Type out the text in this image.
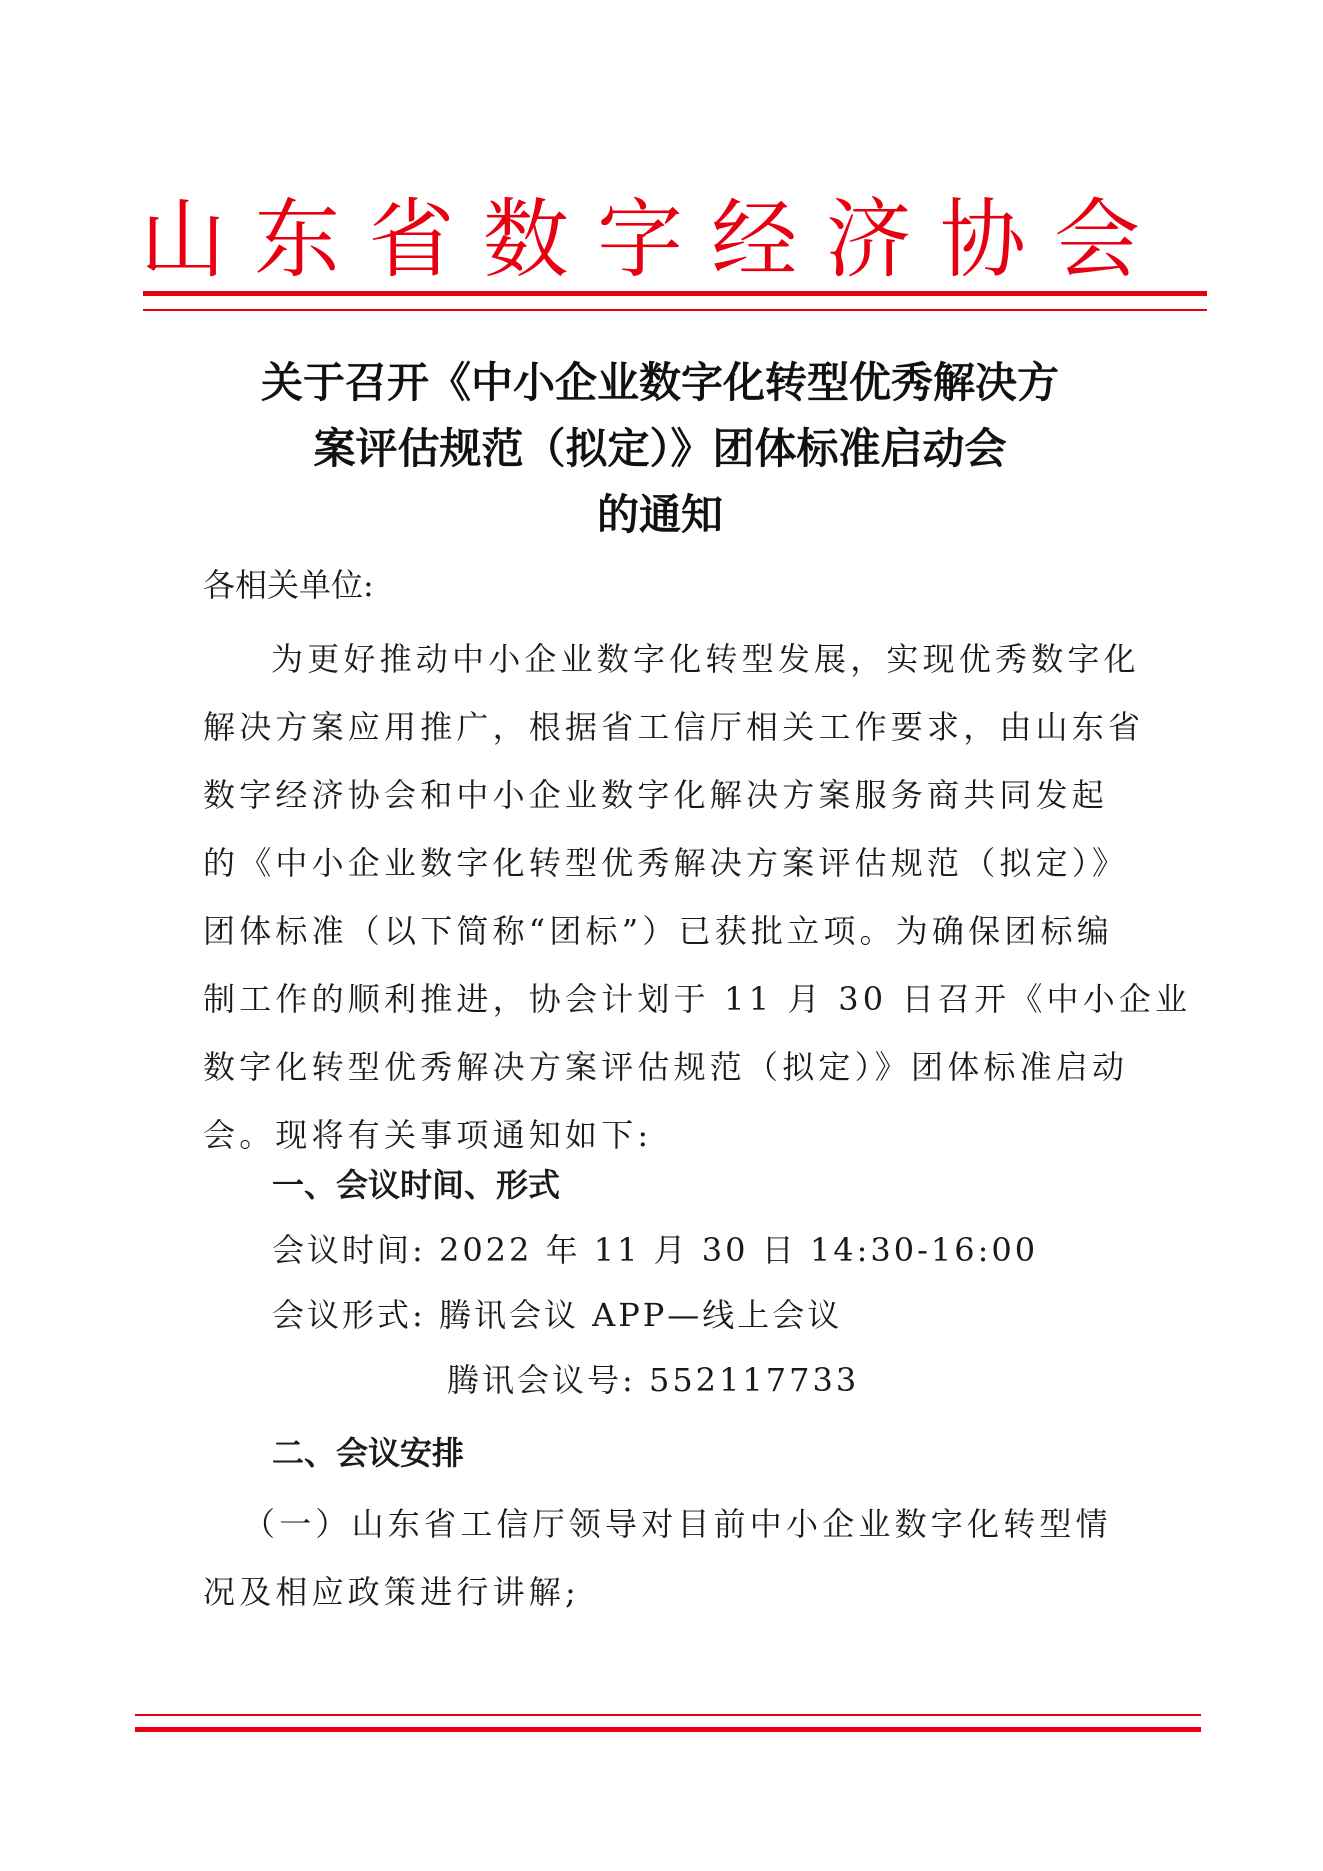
山 东 省 数 字 经 济 协 会
关于召开《中小企业数字化转型优秀解决方
案评估规范（拟定）》团体标准启动会
的通知
各相关单位:
为更好推动中小企业数字化转型发展，实现优秀数字化
解决方案应用推广，根据省工信厅相关工作要求，由山东省
数字经济协会和中小企业数字化解决方案服务商共同发起
的《中小企业数字化转型优秀解决方案评估规范（拟定）》
团体标准（以下简称“团标”）已获批立项。为确保团标编
制工作的顺利推进，协会计划于 11 月 30 日召开《中小企业
数字化转型优秀解决方案评估规范（拟定）》团体标准启动
会。现将有关事项通知如下:
一、会议时间、形式
会议时间: 2022 年 11 月 30 日 14:30-16:00
会议形式: 腾讯会议 APP—线上会议
腾讯会议号: 552117733
二、会议安排
（一）山东省工信厅领导对目前中小企业数字化转型情
况及相应政策进行讲解;
